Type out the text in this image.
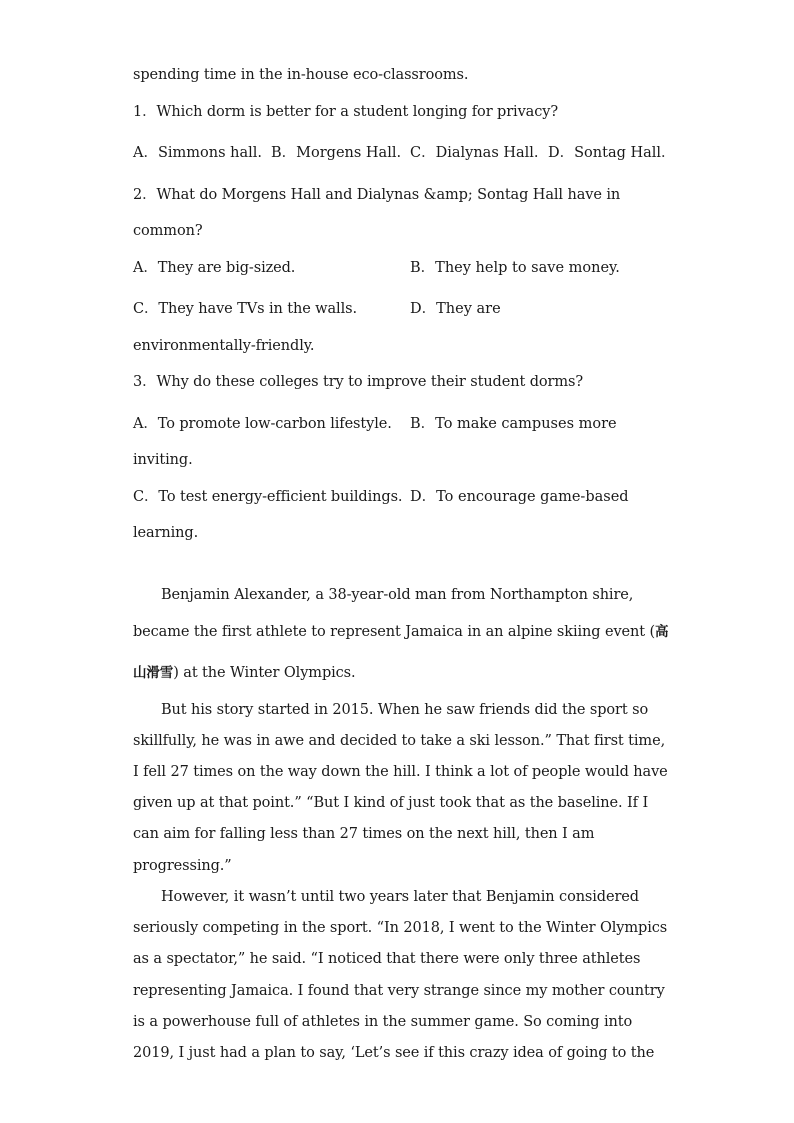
spending time in the in-house eco-classrooms.
1．Which dorm is better for a student longing for privacy?
A．Simmons hall. B．Morgens Hall. C．Dialynas Hall. D．Sontag Hall．
2．What do Morgens Hall and Dialynas &amp; Sontag Hall have in
common?
A．They are big-sized.	B．They help to save money.
C．They have TVs in the walls.	D．They are
environmentally-friendly.
3．Why do these colleges try to improve their student dorms?
A．To promote low-carbon lifestyle. B．To make campuses more
inviting.
C．To test energy-efficient buildings. D．To encourage game-based
learning.
Benjamin Alexander, a 38-year-old man from Northampton shire,
became the first athlete to represent Jamaica in an alpine skiing event (高
山滑雪) at the Winter Olympics.
But his story started in 2015. When he saw friends did the sport so
skillfully, he was in awe and decided to take a ski lesson.” That first time,
I fell 27 times on the way down the hill. I think a lot of people would have
given up at that point.” “But I kind of just took that as the baseline. If I
can aim for falling less than 27 times on the next hill, then I am
progressing.”
However, it wasn’t until two years later that Benjamin considered
seriously competing in the sport. “In 2018, I went to the Winter Olympics
as a spectator,” he said. “I noticed that there were only three athletes
representing Jamaica. I found that very strange since my mother country
is a powerhouse full of athletes in the summer game. So coming into
2019, I just had a plan to say, ‘Let’s see if this crazy idea of going to the
